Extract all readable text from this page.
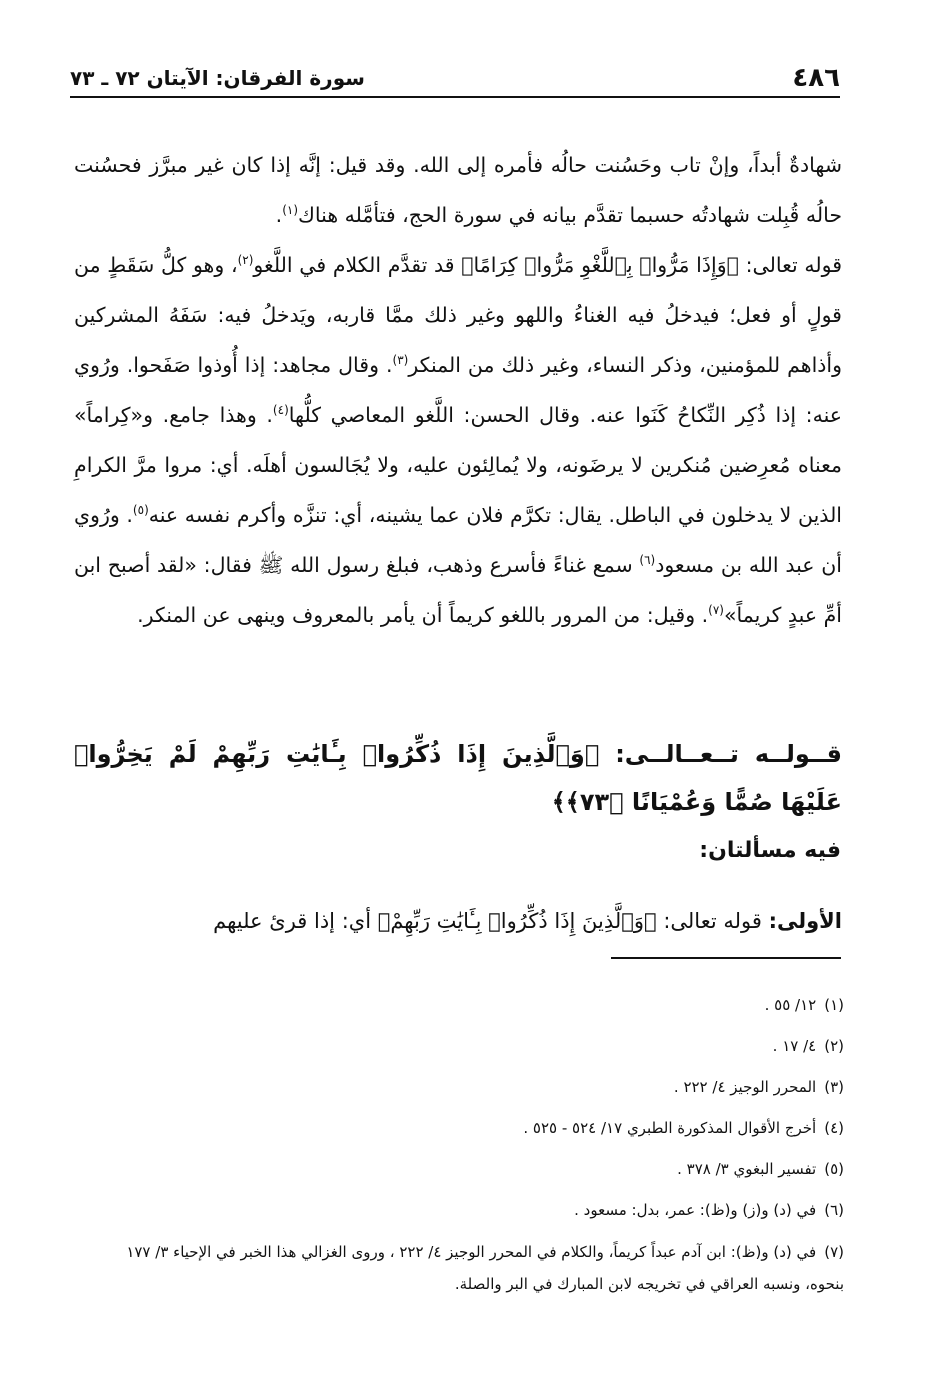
٤٨٦
سورة الفرقان: الآيتان ٧٢ ـ ٧٣

شهادةٌ أبداً، وإنْ تاب وحَسُنت حالُه فأمره إلى الله. وقد قيل: إنَّه إذا كان غير مبرَّز فحسُنت حالُه قُبِلت شهادتُه حسبما تقدَّم بيانه في سورة الحج، فتأمَّله هناك$^{(١)}$.

قوله تعالى: ﴿وَإِذَا مَرُّوا۟ بِٱللَّغْوِ مَرُّوا۟ كِرَامًا﴾ قد تقدَّم الكلام في اللَّغو$^{(٢)}$، وهو كلُّ سَقَطٍ من قولٍ أو فعل؛ فيدخلُ فيه الغناءُ واللهو وغير ذلك ممَّا قاربه، ويَدخلُ فيه: سَفَهُ المشركين وأذاهم للمؤمنين، وذكر النساء، وغير ذلك من المنكر$^{(٣)}$. وقال مجاهد: إذا أُوذوا صَفَحوا. ورُوي عنه: إذا ذُكِر النِّكاحُ كَنَوا عنه. وقال الحسن: اللَّغو المعاصي كلُّها$^{(٤)}$. وهذا جامع. و«كِراماً» معناه مُعرِضين مُنكرين لا يرضَونه، ولا يُمالِئون عليه، ولا يُجَالسون أهلَه. أي: مروا مرَّ الكرامِ الذين لا يدخلون في الباطل. يقال: تكرَّم فلان عما يشينه، أي: تنزَّه وأكرم نفسه عنه$^{(٥)}$. ورُوي أن عبد الله بن مسعود$^{(٦)}$ سمع غناءً فأسرع وذهب، فبلغ رسول الله ﷺ فقال: «لقد أصبح ابن أمِّ عبدٍ كريماً»$^{(٧)}$. وقيل: من المرور باللغو كريماً أن يأمر بالمعروف وينهى عن المنكر.

قــولــه تــعــالــى: ﴿وَٱلَّذِينَ إِذَا ذُكِّرُوا۟ بِـَٔايَٰتِ رَبِّهِمْ لَمْ يَخِرُّوا۟ عَلَيْهَا صُمًّا وَعُمْيَانًا ﴿٧٣﴾﴾
فيه مسألتان:
الأولى: قوله تعالى: ﴿وَٱلَّذِينَ إِذَا ذُكِّرُوا۟ بِـَٔايَٰتِ رَبِّهِمْ﴾ أي: إذا قرئ عليهم
(١)١٢/ ٥٥ .
(٢)٤/ ١٧ .
(٣)المحرر الوجيز ٤/ ٢٢٢ .
(٤)أخرج الأقوال المذكورة الطبري ١٧/ ٥٢٤ - ٥٢٥ .
(٥)تفسير البغوي ٣/ ٣٧٨ .
(٦)في (د) و(ز) و(ظ): عمر، بدل: مسعود .
(٧)في (د) و(ظ): ابن آدم عبداً كريماً، والكلام في المحرر الوجيز ٤/ ٢٢٢ ، وروى الغزالي هذا الخبر في الإحياء ٣/ ١٧٧ بنحوه، ونسبه العراقي في تخريجه لابن المبارك في البر والصلة.
